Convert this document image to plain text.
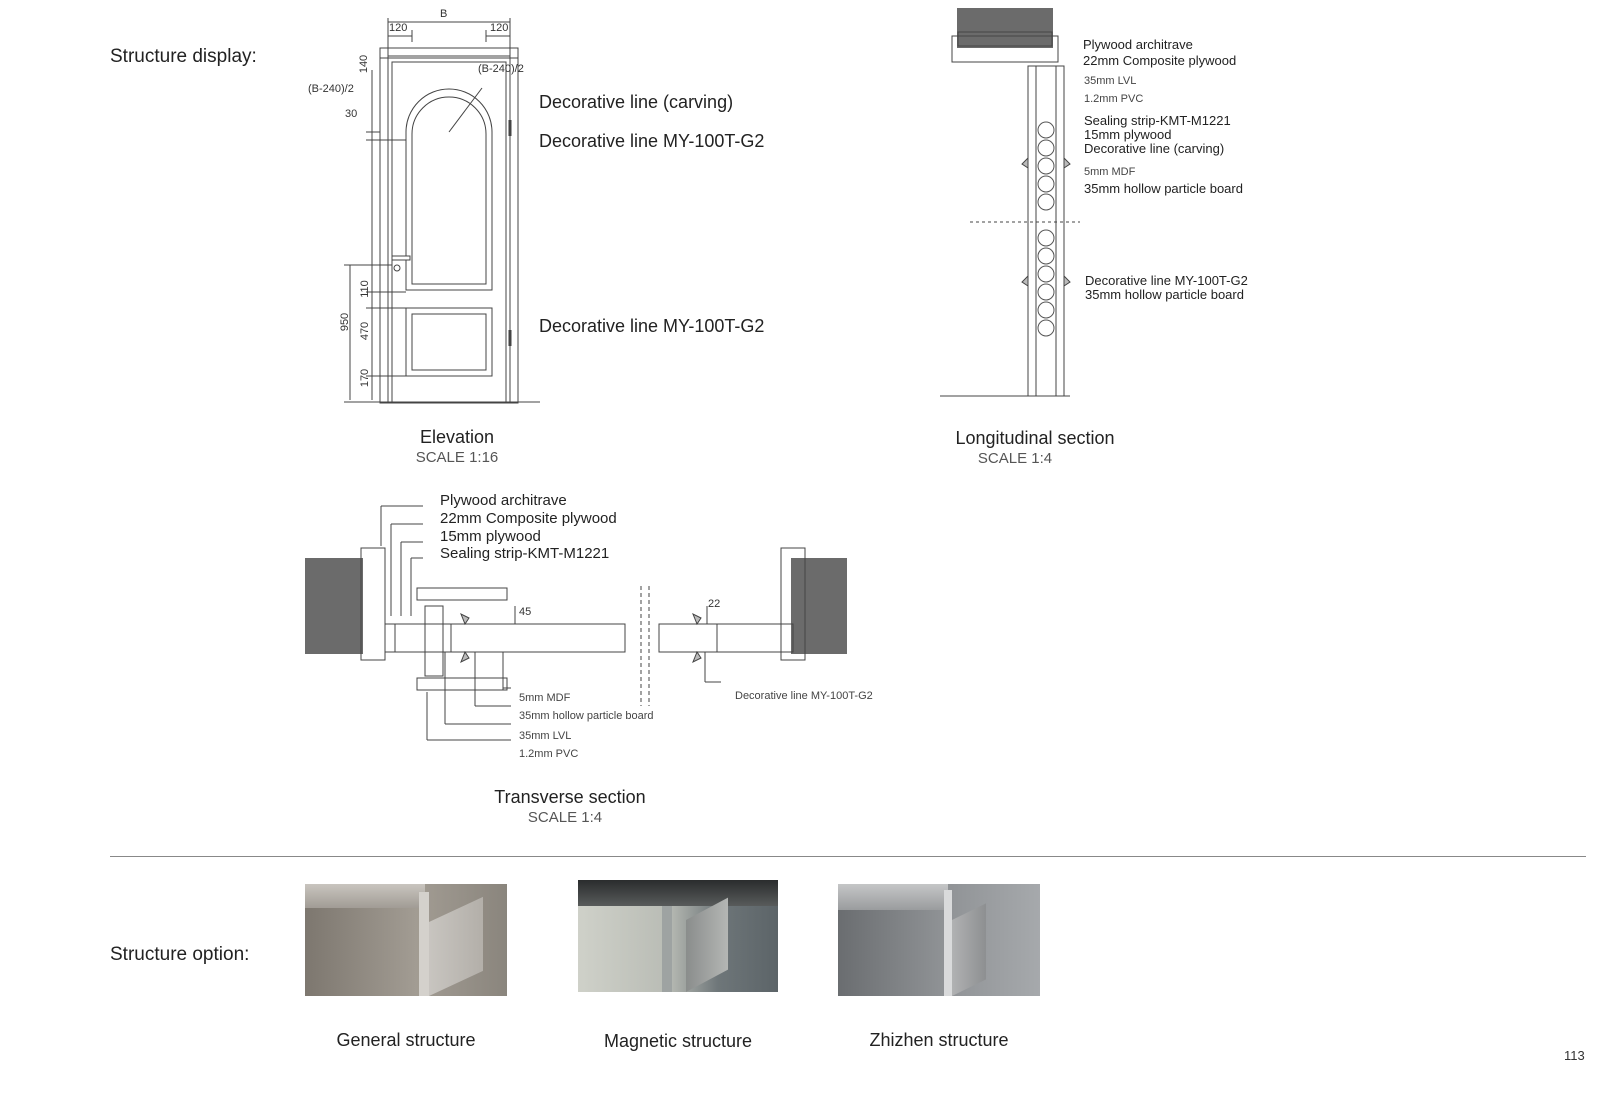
Structure display:
B
120	120
140
(B-240)/2
(B-240)/2
30
110
950 470
170
Decorative line (carving)
Decorative line MY-100T-G2
Decorative line MY-100T-G2
Elevation
SCALE 1:16
Plywood architrave
22mm Composite plywood
35mm LVL
1.2mm PVC
Sealing strip-KMT-M1221
15mm plywood
Decorative line (carving)
5mm MDF
35mm hollow particle board
Decorative line MY-100T-G2
35mm hollow particle board
Longitudinal section
SCALE 1:4
Plywood architrave
22mm Composite plywood
15mm plywood
Sealing strip-KMT-M1221
45
22
5mm MDF
35mm hollow particle board
35mm LVL
1.2mm PVC
Decorative line MY-100T-G2
Transverse section
SCALE 1:4
Structure option:
General structure	Magnetic structure	Zhizhen structure
113
